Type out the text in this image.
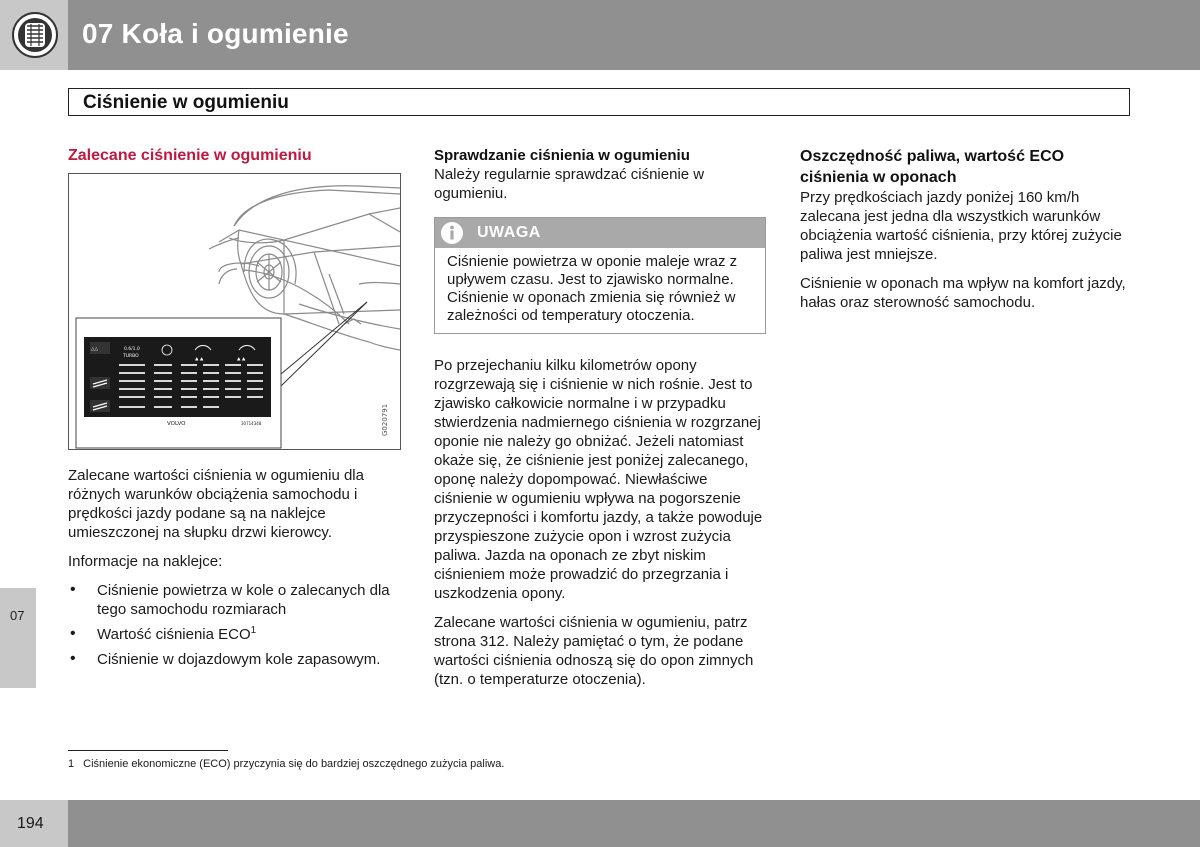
07 Koła i ogumienie
Ciśnienie w ogumieniu
07
Zalecane ciśnienie w ogumieniu
△△	0.6/1.0
TURBO
▲ ▲	▲ ▲
VOLVO	30714348	G020791

Zalecane wartości ciśnienia w ogumieniu dla różnych warunków obciążenia samochodu i prędkości jazdy podane są na naklejce umieszczonej na słupku drzwi kierowcy.

Informacje na naklejce:

• Ciśnienie powietrza w kole o zalecanych dla tego samochodu rozmiarach
• Wartość ciśnienia ECO$^1$
• Ciśnienie w dojazdowym kole zapasowym.
Sprawdzanie ciśnienia w ogumieniu

Należy regularnie sprawdzać ciśnienie w ogumieniu.

UWAGA
Ciśnienie powietrza w oponie maleje wraz z upływem czasu. Jest to zjawisko normalne. Ciśnienie w oponach zmienia się również w zależności od temperatury otoczenia.

Po przejechaniu kilku kilometrów opony rozgrzewają się i ciśnienie w nich rośnie. Jest to zjawisko całkowicie normalne i w przypadku stwierdzenia nadmiernego ciśnienia w rozgrzanej oponie nie należy go obniżać. Jeżeli natomiast okaże się, że ciśnienie jest poniżej zalecanego, oponę należy dopompować. Niewłaściwe ciśnienie w ogumieniu wpływa na pogorszenie przyczepności i komfortu jazdy, a także powoduje przyspieszone zużycie opon i wzrost zużycia paliwa. Jazda na oponach ze zbyt niskim ciśnieniem może prowadzić do przegrzania i uszkodzenia opony.

Zalecane wartości ciśnienia w ogumieniu, patrz strona 312. Należy pamiętać o tym, że podane wartości ciśnienia odnoszą się do opon zimnych (tzn. o temperaturze otoczenia).

Oszczędność paliwa, wartość ECO ciśnienia w oponach

Przy prędkościach jazdy poniżej 160 km/h zalecana jest jedna dla wszystkich warunków obciążenia wartość ciśnienia, przy której zużycie paliwa jest mniejsze.

Ciśnienie w oponach ma wpływ na komfort jazdy, hałas oraz sterowność samochodu.

1 Ciśnienie ekonomiczne (ECO) przyczynia się do bardziej oszczędnego zużycia paliwa.
194
